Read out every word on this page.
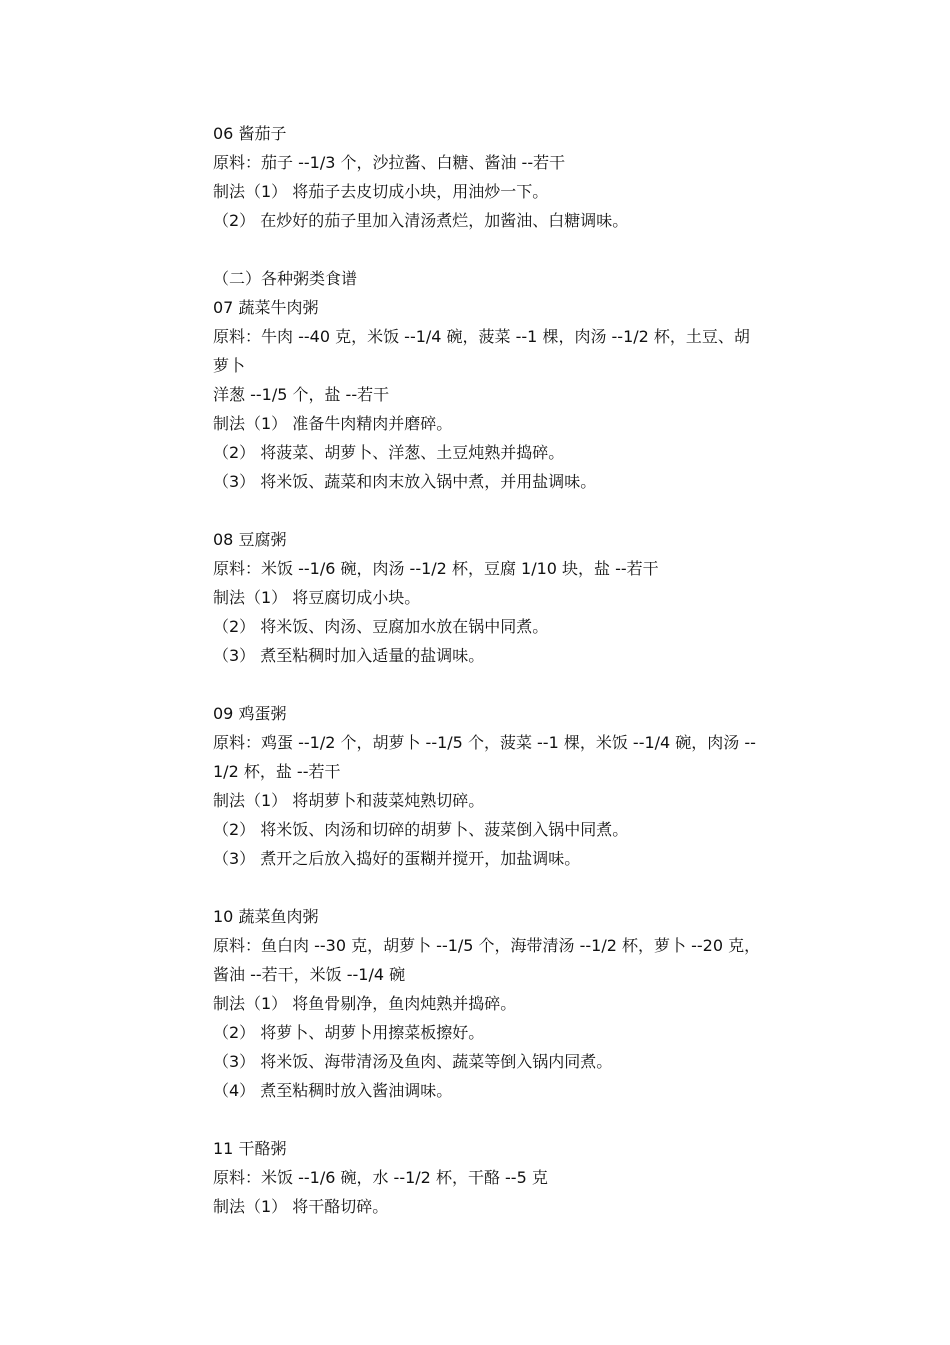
06 酱茄子
原料：茄子 --1/3 个，沙拉酱、白糖、酱油 --若干
制法（1） 将茄子去皮切成小块，用油炒一下。
（2） 在炒好的茄子里加入清汤煮烂，加酱油、白糖调味。
（二）各种粥类食谱
07 蔬菜牛肉粥
原料：牛肉 --40 克，米饭 --1/4 碗，菠菜 --1 棵，肉汤 --1/2 杯，土豆、胡
萝卜
洋葱 --1/5 个，盐 --若干
制法（1） 准备牛肉精肉并磨碎。
（2） 将菠菜、胡萝卜、洋葱、土豆炖熟并捣碎。
（3） 将米饭、蔬菜和肉末放入锅中煮，并用盐调味。
08 豆腐粥
原料：米饭 --1/6 碗，肉汤 --1/2 杯，豆腐 1/10 块，盐 --若干
制法（1） 将豆腐切成小块。
（2） 将米饭、肉汤、豆腐加水放在锅中同煮。
（3） 煮至粘稠时加入适量的盐调味。
09 鸡蛋粥
原料：鸡蛋 --1/2 个，胡萝卜 --1/5 个，菠菜 --1 棵，米饭 --1/4 碗，肉汤 --
1/2 杯，盐 --若干
制法（1） 将胡萝卜和菠菜炖熟切碎。
（2） 将米饭、肉汤和切碎的胡萝卜、菠菜倒入锅中同煮。
（3） 煮开之后放入捣好的蛋糊并搅开，加盐调味。
10 蔬菜鱼肉粥
原料：鱼白肉 --30 克，胡萝卜 --1/5 个，海带清汤 --1/2 杯，萝卜 --20 克，
酱油 --若干，米饭 --1/4 碗
制法（1） 将鱼骨剔净，鱼肉炖熟并捣碎。
（2） 将萝卜、胡萝卜用擦菜板擦好。
（3） 将米饭、海带清汤及鱼肉、蔬菜等倒入锅内同煮。
（4） 煮至粘稠时放入酱油调味。
11 干酪粥
原料：米饭 --1/6 碗，水 --1/2 杯，干酪 --5 克
制法（1） 将干酪切碎。
